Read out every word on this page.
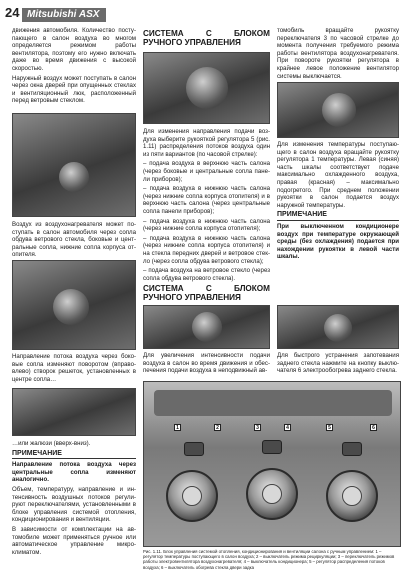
24 Mitsubishi ASX

движения автомобиля. Количество поступающего в салон воздуха во многом определяется режимом работы вентилятора, поэтому его нужно включать даже во время движения с высокой скоростью.

Наружный воздух может поступать в салон через окна дверей при опущенных стеклах и вентиляционный люк, расположенный перед ветровым стеклом.

Воздух из воздухонагревателя может поступать в салон автомобиля через сопла обдува ветрового стекла, боковые и центральные сопла, нижние сопла корпуса отопителя.

Направление потока воздуха через боковые сопла изменяют поворотом (вправо-влево) створок решеток, установленных в центре сопла…

…или жалюзи (вверх-вниз).

ПРИМЕЧАНИЕ

Направление потока воздуха через центральные сопла изменяют аналогично.

Объем, температуру, направление и интенсивность воздушных потоков регулируют переключателями, установленными в блоке управления системой отопления, кондиционирования и вентиляции.

В зависимости от комплектации на автомобиле может применяться ручное или автоматическое управление микроклиматом.

СИСТЕМА С БЛОКОМ РУЧНОГО УПРАВЛЕНИЯ

Для изменения направления подачи воздуха выберите рукояткой регулятора 5 (рис. 1.11) распределения потоков воздуха один из пяти вариантов (по часовой стрелке):

– подача воздуха в верхнюю часть салона (через боковые и центральные сопла панели приборов);

– подача воздуха в нижнюю часть салона (через нижние сопла корпуса отопителя) и в верхнюю часть салона (через центральные сопла панели приборов);

– подача воздуха в нижнюю часть салона (через нижние сопла корпуса отопителя);

– подача воздуха в нижнюю часть салона (через нижние сопла корпуса отопителя) и на стекла передних дверей и ветровое стекло (через сопла обдува ветрового стекла);

– подача воздуха на ветровое стекло (через сопла обдува ветрового стекла).

СИСТЕМА С БЛОКОМ РУЧНОГО УПРАВЛЕНИЯ

Для увеличения интенсивности подачи воздуха в салон во время движения и обеспечения подачи воздуха в неподвижный ав-

томобиль вращайте рукоятку переключателя 3 по часовой стрелке до момента получения требуемого режима работы вентилятора воздухонагревателя. При повороте рукоятки регулятора в крайнее левое положение вентилятор системы выключается.

Для изменения температуры поступающего в салон воздуха вращайте рукоятку регулятора 1 температуры. Левая (синяя) часть шкалы соответствует подаче максимально охлажденного воздуха, правая (красная) – максимально подогретого. При среднем положении рукоятки в салон подается воздух наружной температуры.

ПРИМЕЧАНИЕ

При выключенном кондиционере воздух при температуре окружающей среды (без охлаждения) подается при нахождении рукоятки в левой части шкалы.

Для быстрого устранения запотевания заднего стекла нажмите на кнопку выключателя 6 электрообогрева заднего стекла.

1	2	3	4	5	6
Рис. 1.11. Блок управления системой отопления, кондиционирования и вентиляции салона с ручным управлением: 1 – регулятор температуры поступающего в салон воздуха; 2 – выключатель режима рециркуляции; 3 – переключатель режимов работы электровентилятора воздухонагревателя; 4 – выключатель кондиционера; 5 – регулятор распределения потоков воздуха; 6 – выключатель обогрева стекла двери задка
